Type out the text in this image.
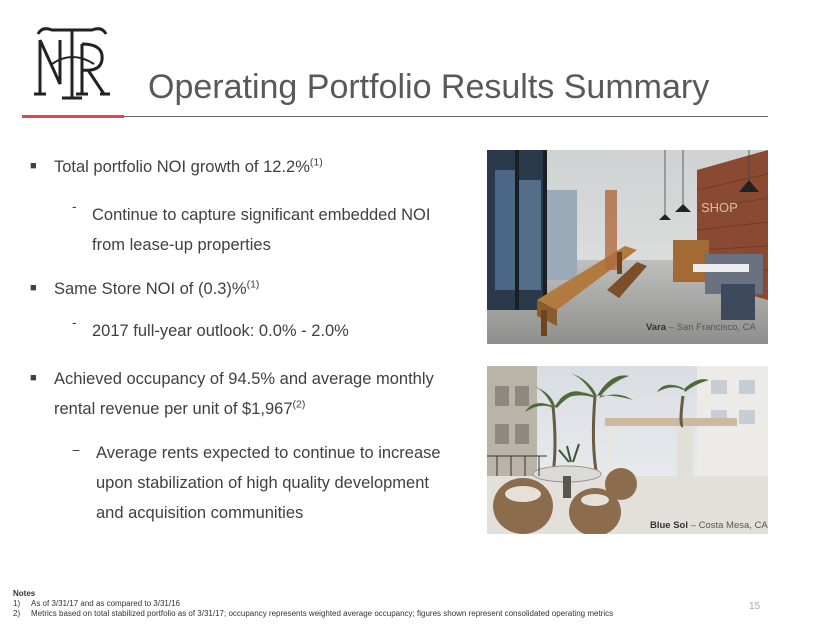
Operating Portfolio Results Summary
■ Total portfolio NOI growth of 12.2%$^{(1)}$
- Continue to capture significant embedded NOI
from lease-up properties
■ Same Store NOI of (0.3)%$^{(1)}$
- 2017 full-year outlook: 0.0% - 2.0%
■ Achieved occupancy of 94.5% and average monthly
rental revenue per unit of $\$1,967^{(2)}$
− Average rents expected to continue to increase
upon stabilization of high quality development
and acquisition communities
SHOP
Vara – San Francisco, CA
Blue Sol – Costa Mesa, CA
Notes
1) As of 3/31/17 and as compared to 3/31/16
2) Metrics based on total stabilized portfolio as of 3/31/17; occupancy represents weighted average occupancy; figures shown represent consolidated operating metrics
15
